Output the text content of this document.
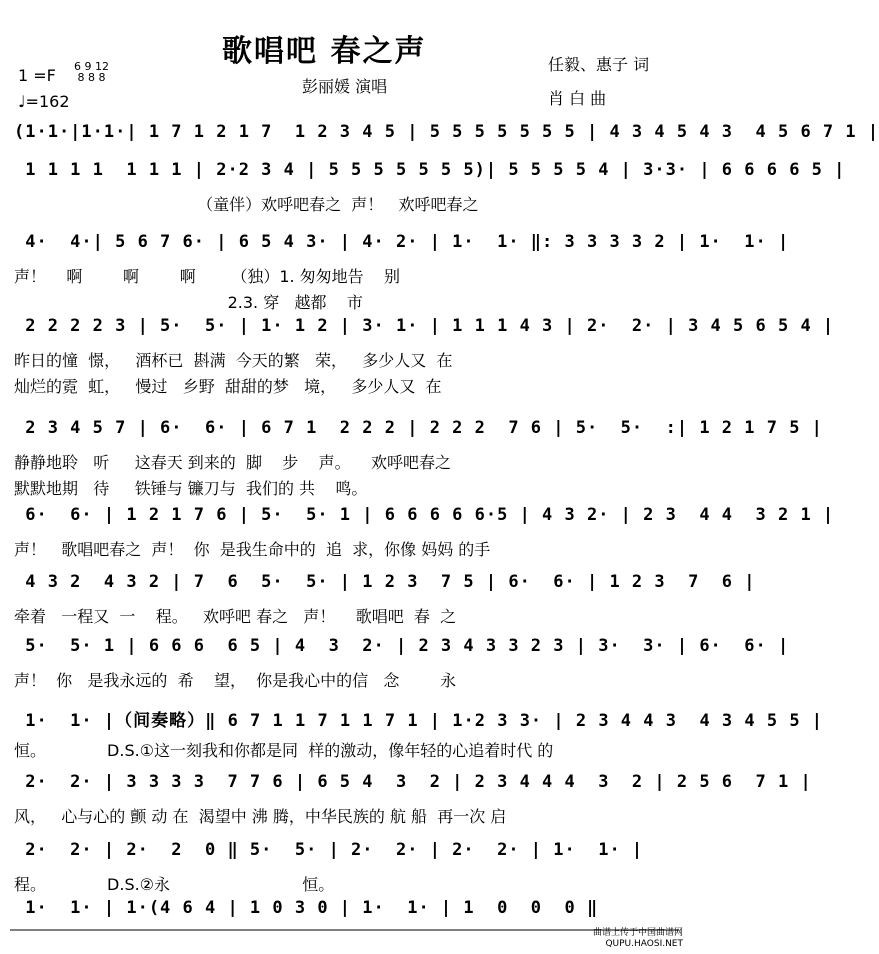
歌唱吧 春之声
1 =F 6 9 12
8 8 8
♩=162
彭丽媛 演唱
任毅、惠子 词
肖 白 曲
(1·1·|1·1·| 1 7 1 2 1 7  1 2 3 4 5 | 5 5 5 5 5 5 5 | 4 3 4 5 4 3  4 5 6 7 1 |
1 1 1 1  1 1 1 | 2·2 3 4 | 5 5 5 5 5 5 5)| 5 5 5 5 4 | 3·3· | 6 6 6 6 5 |
（童伴）欢呼吧春之  声！   欢呼吧春之
4·  4·| 5 6 7 6· | 6 5 4 3· | 4· 2· | 1·  1· ‖: 3 3 3 3 2 | 1·  1· |
声！    啊        啊        啊       （独）1. 匆匆地告    别
2.3. 穿   越都    市
2 2 2 2 3 | 5·  5· | 1· 1 2 | 3· 1· | 1 1 1 4 3 | 2·  2· | 3 4 5 6 5 4 |
昨日的憧  憬，   酒杯已  斟满  今天的繁   荣，   多少人又  在
灿烂的霓  虹，   慢过   乡野  甜甜的梦   境，   多少人又  在
2 3 4 5 7 | 6·  6· | 6 7 1  2 2 2 | 2 2 2  7 6 | 5·  5·  :| 1 2 1 7 5 |
静静地聆   听     这春天 到来的  脚    步    声。    欢呼吧春之
默默地期   待     铁锤与 镰刀与  我们的 共    鸣。
6·  6· | 1 2 1 7 6 | 5·  5· 1 | 6 6 6 6 6·5 | 4 3 2· | 2 3  4 4  3 2 1 |
声！   歌唱吧春之  声！  你  是我生命中的  追  求，你像 妈妈 的手
4 3 2  4 3 2 | 7  6  5·  5· | 1 2 3  7 5 | 6·  6· | 1 2 3  7  6 |
牵着   一程又  一    程。   欢呼吧 春之   声！    歌唱吧  春  之
5·  5· 1 | 6 6 6  6 5 | 4  3  2· | 2 3 4 3 3 2 3 | 3·  3· | 6·  6· |
声！  你   是我永远的  希    望，  你是我心中的信   念        永
1·  1· |（间奏略）‖ 6 7 1 1 7 1 1 7 1 | 1·2 3 3· | 2 3 4 4 3  4 3 4 5 5 |
恒。            D.S.①这一刻我和你都是同  样的激动，像年轻的心追着时代 的
2·  2· | 3 3 3 3  7 7 6 | 6 5 4  3  2 | 2 3 4 4 4  3  2 | 2 5 6  7 1 |
风，   心与心的 颤 动 在  渴望中 沸 腾，中华民族的 航 船  再一次 启
2·  2· | 2·  2  0 ‖ 5·  5· | 2·  2· | 2·  2· | 1·  1· |
程。            D.S.②永                          恒。
1·  1· | 1·(4 6 4 | 1 0 3 0 | 1·  1· | 1  0  0  0 ‖
曲谱上传于中国曲谱网
QUPU.HAOSI.NET
